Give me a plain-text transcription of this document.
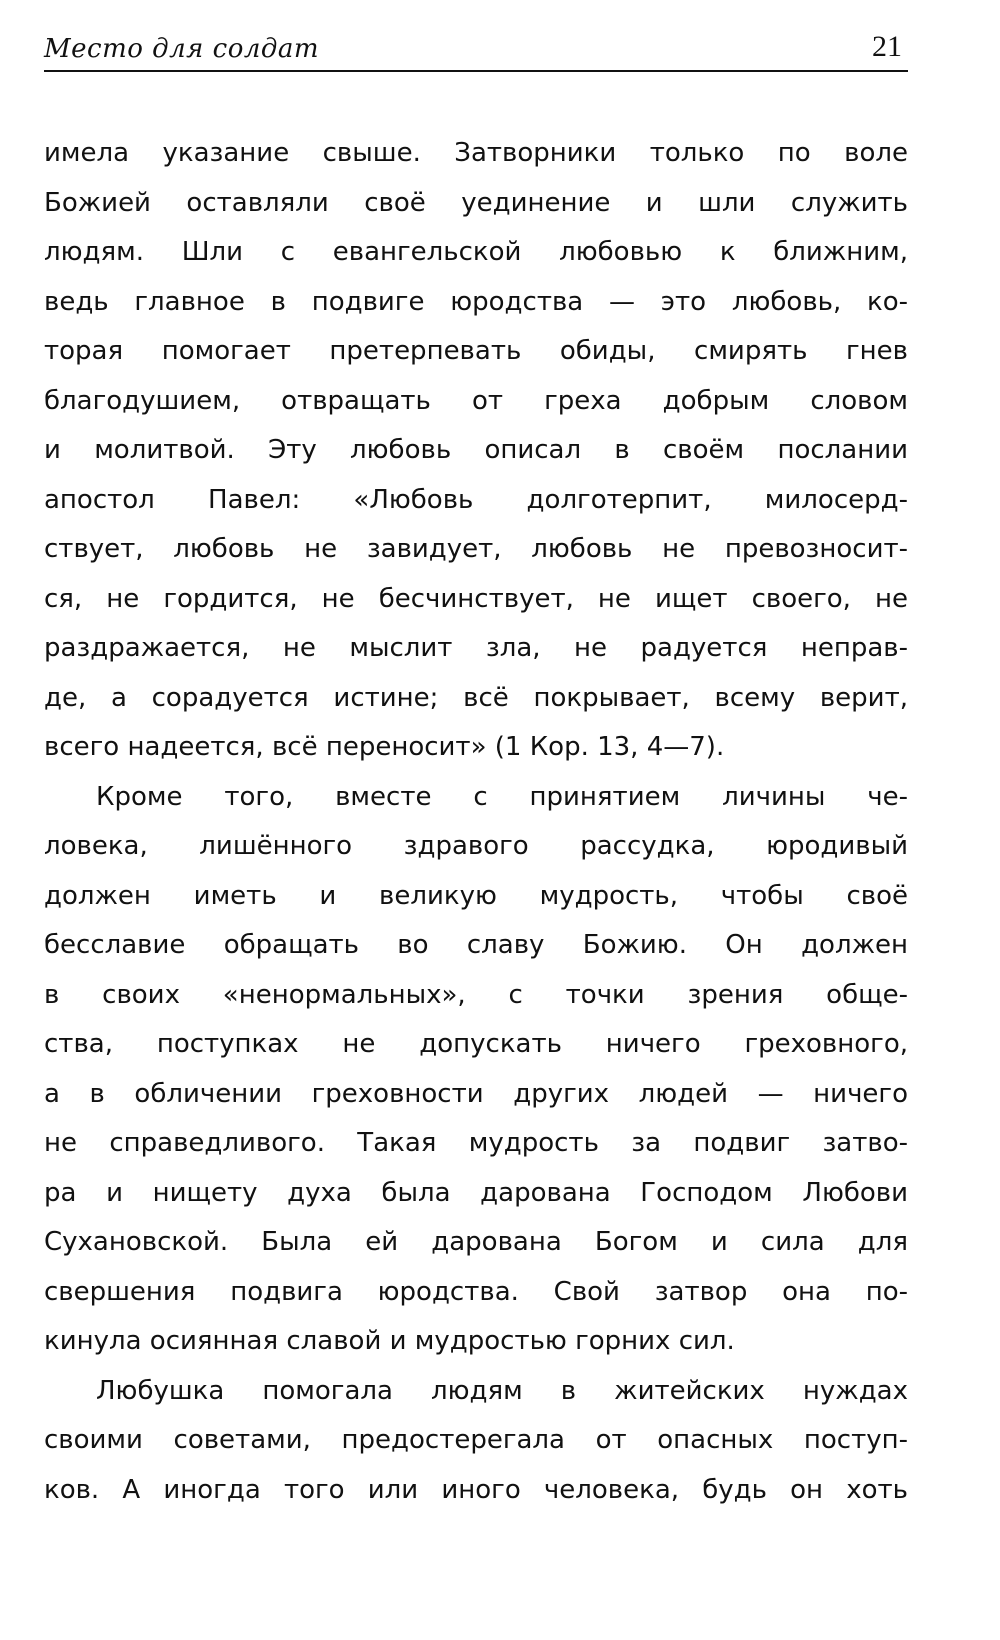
Место для солдат	21
имела указание свыше. Затворники только по воле
Божией оставляли своё уединение и шли служить
людям. Шли с евангельской любовью к ближним,
ведь главное в подвиге юродства — это любовь, ко-
торая помогает претерпевать обиды, смирять гнев
благодушием, отвращать от греха добрым словом
и молитвой. Эту любовь описал в своём послании
апостол Павел: «Любовь долготерпит, милосерд-
ствует, любовь не завидует, любовь не превозносит-
ся, не гордится, не бесчинствует, не ищет своего, не
раздражается, не мыслит зла, не радуется неправ-
де, а сорадуется истине; всё покрывает, всему верит,
всего надеется, всё переносит» (1 Кор. 13, 4—7).
Кроме того, вместе с принятием личины че-
ловека, лишённого здравого рассудка, юродивый
должен иметь и великую мудрость, чтобы своё
бесславие обращать во славу Божию. Он должен
в своих «ненормальных», с точки зрения обще-
ства, поступках не допускать ничего греховного,
а в обличении греховности других людей — ничего
не справедливого. Такая мудрость за подвиг затво-
ра и нищету духа была дарована Господом Любови
Сухановской. Была ей дарована Богом и сила для
свершения подвига юродства. Свой затвор она по-
кинула осиянная славой и мудростью горних сил.
Любушка помогала людям в житейских нуждах
своими советами, предостерегала от опасных поступ-
ков. А иногда того или иного человека, будь он хоть
